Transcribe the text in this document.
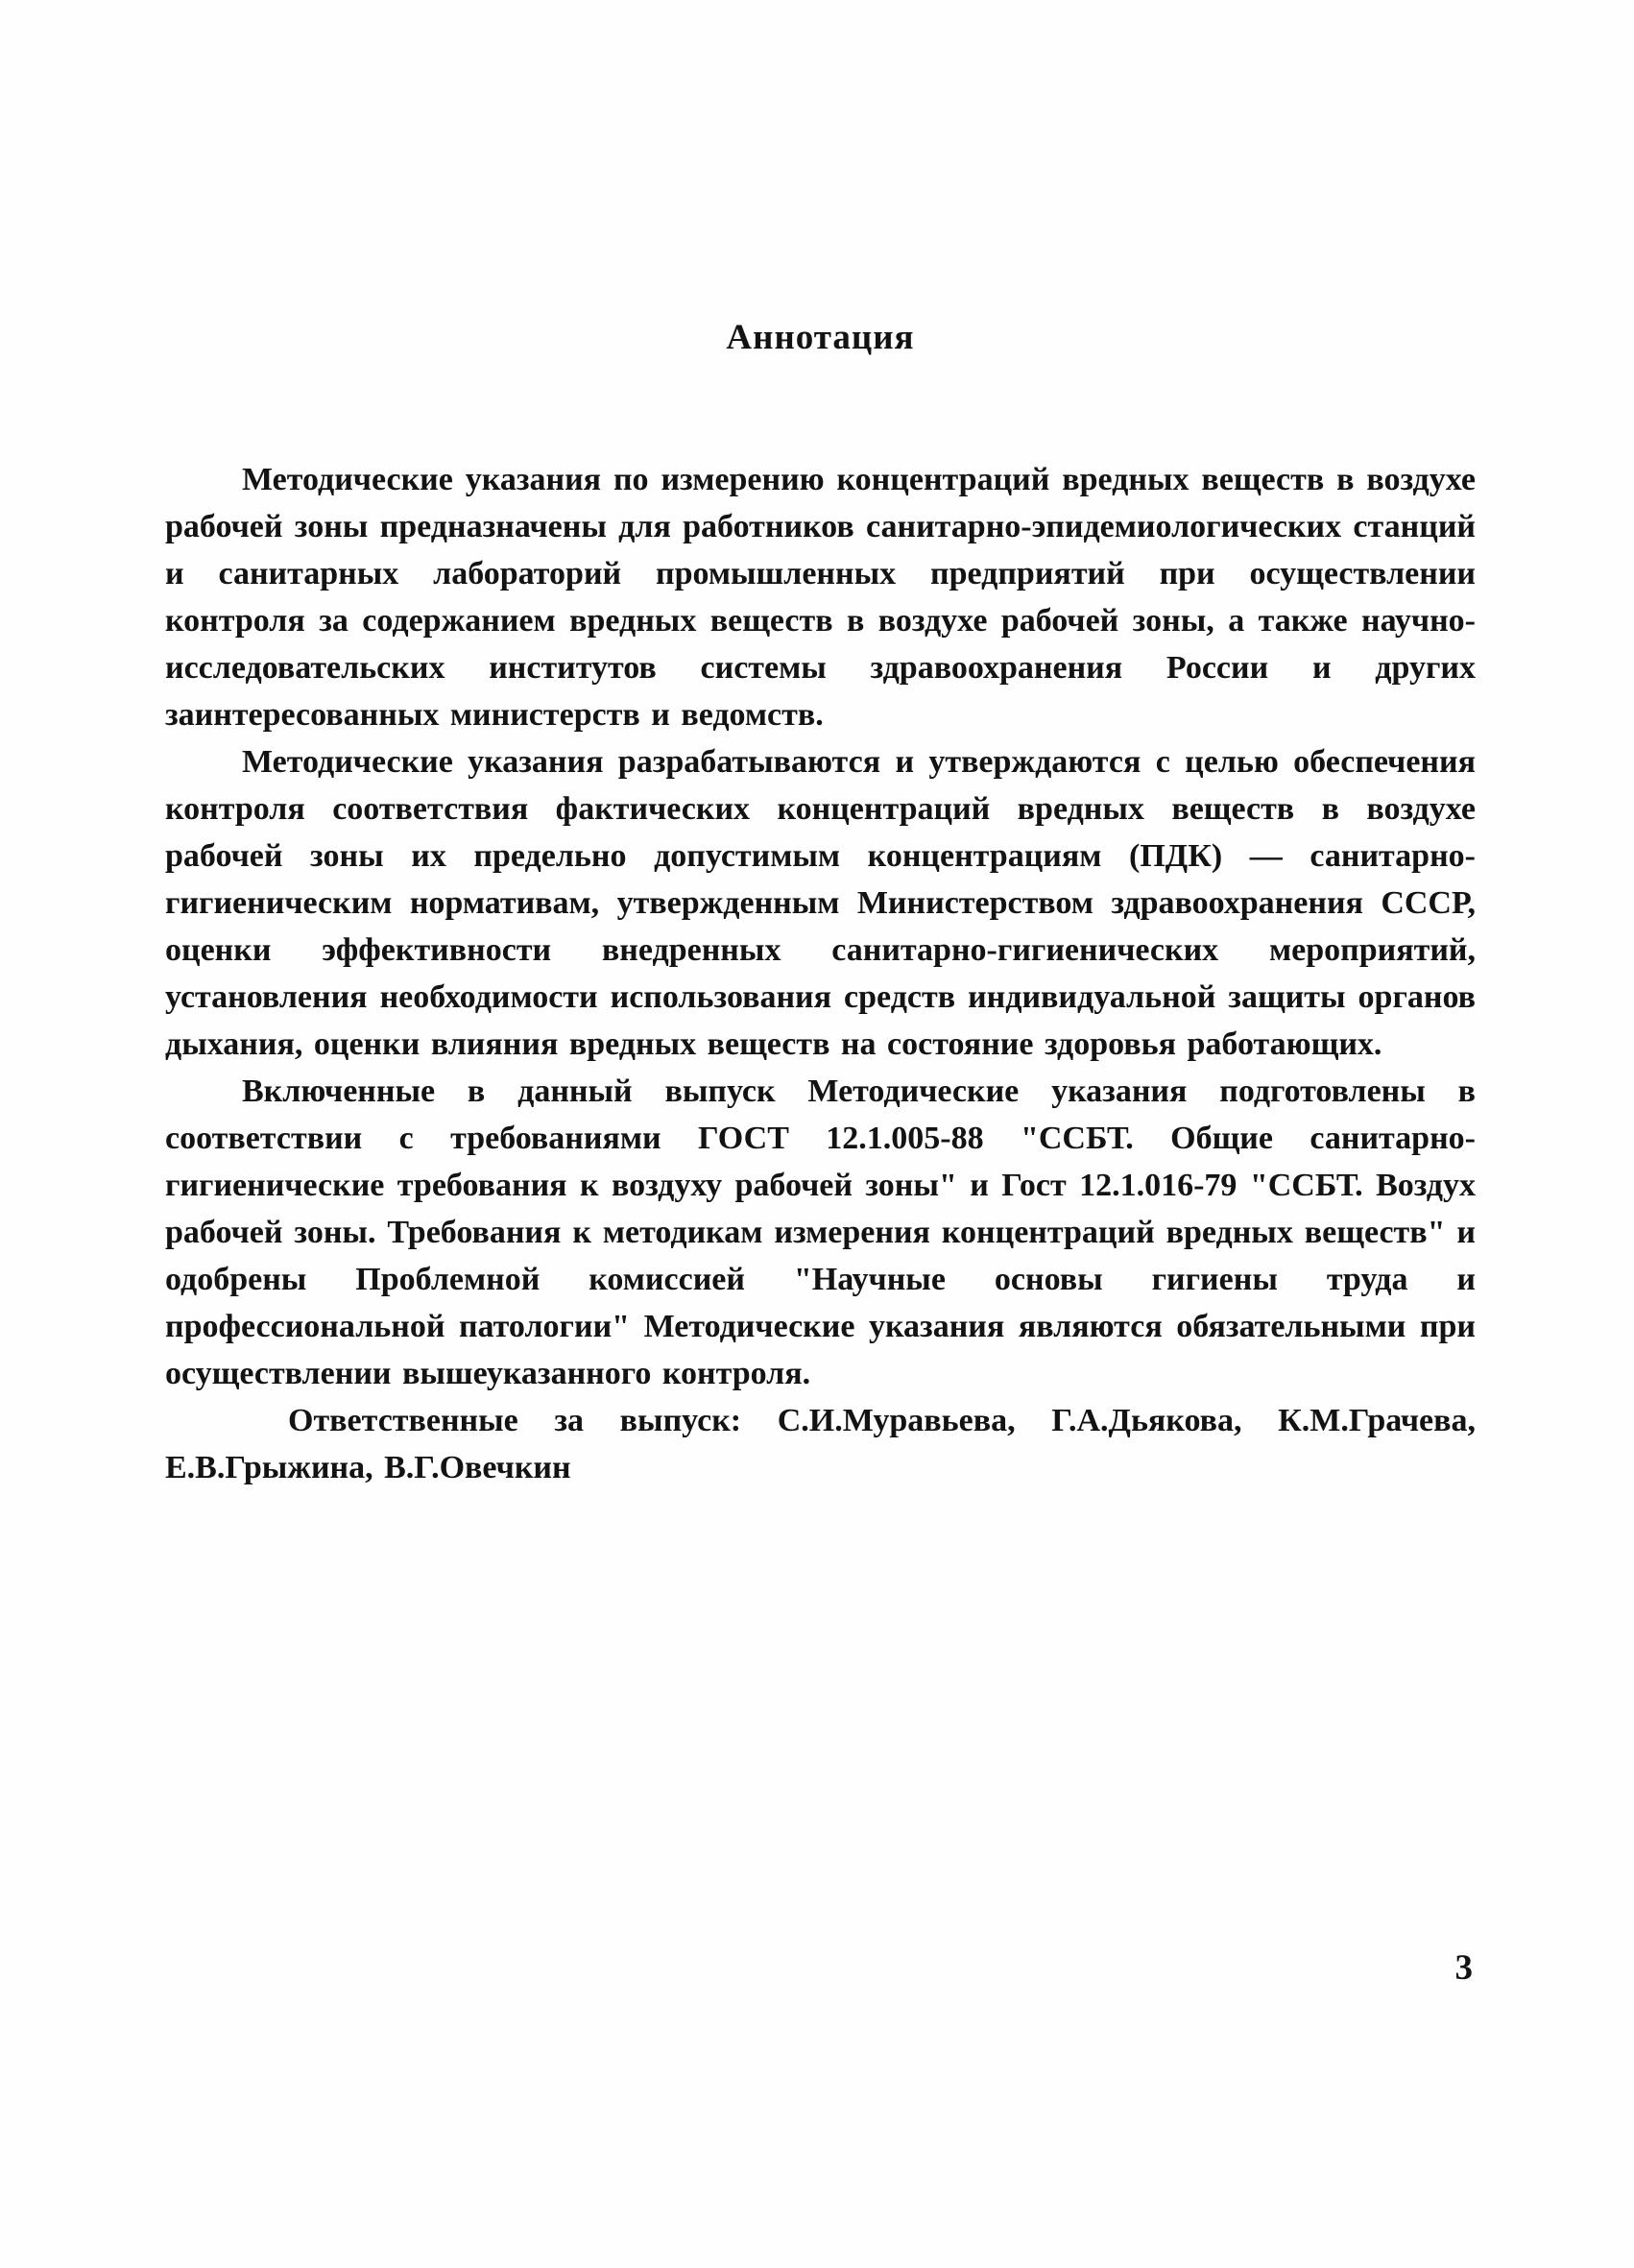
Аннотация

Методические указания по измерению концентраций вредных веществ в воздухе рабочей зоны предназначены для работников санитарно-эпидемиологических станций и санитарных лабораторий промышленных предприятий при осуществлении контроля за содержанием вредных веществ в воздухе рабочей зоны, а также научно-исследовательских институтов системы здравоохранения России и других заинтересованных министерств и ведомств.

Методические указания разрабатываются и утверждаются с целью обеспечения контроля соответствия фактических концентраций вредных веществ в воздухе рабочей зоны их предельно допустимым концентрациям (ПДК) — санитарно-гигиеническим нормативам, утвержденным Министерством здравоохранения СССР, оценки эффективности внедренных санитарно-гигиенических мероприятий, установления необходимости использования средств индивидуальной защиты органов дыхания, оценки влияния вредных веществ на состояние здоровья работающих.

Включенные в данный выпуск Методические указания подготовлены в соответствии с требованиями ГОСТ 12.1.005-88 "ССБТ. Общие санитарно-гигиенические требования к воздуху рабочей зоны" и Гост 12.1.016-79 "ССБТ. Воздух рабочей зоны. Требования к методикам измерения концентраций вредных веществ" и одобрены Проблемной комиссией "Научные основы гигиены труда и профессиональной патологии" Методические указания являются обязательными при осуществлении вышеуказанного контроля.

Ответственные за выпуск: С.И.Муравьева, Г.А.Дьякова, К.М.Грачева, Е.В.Грыжина, В.Г.Овечкин

3
